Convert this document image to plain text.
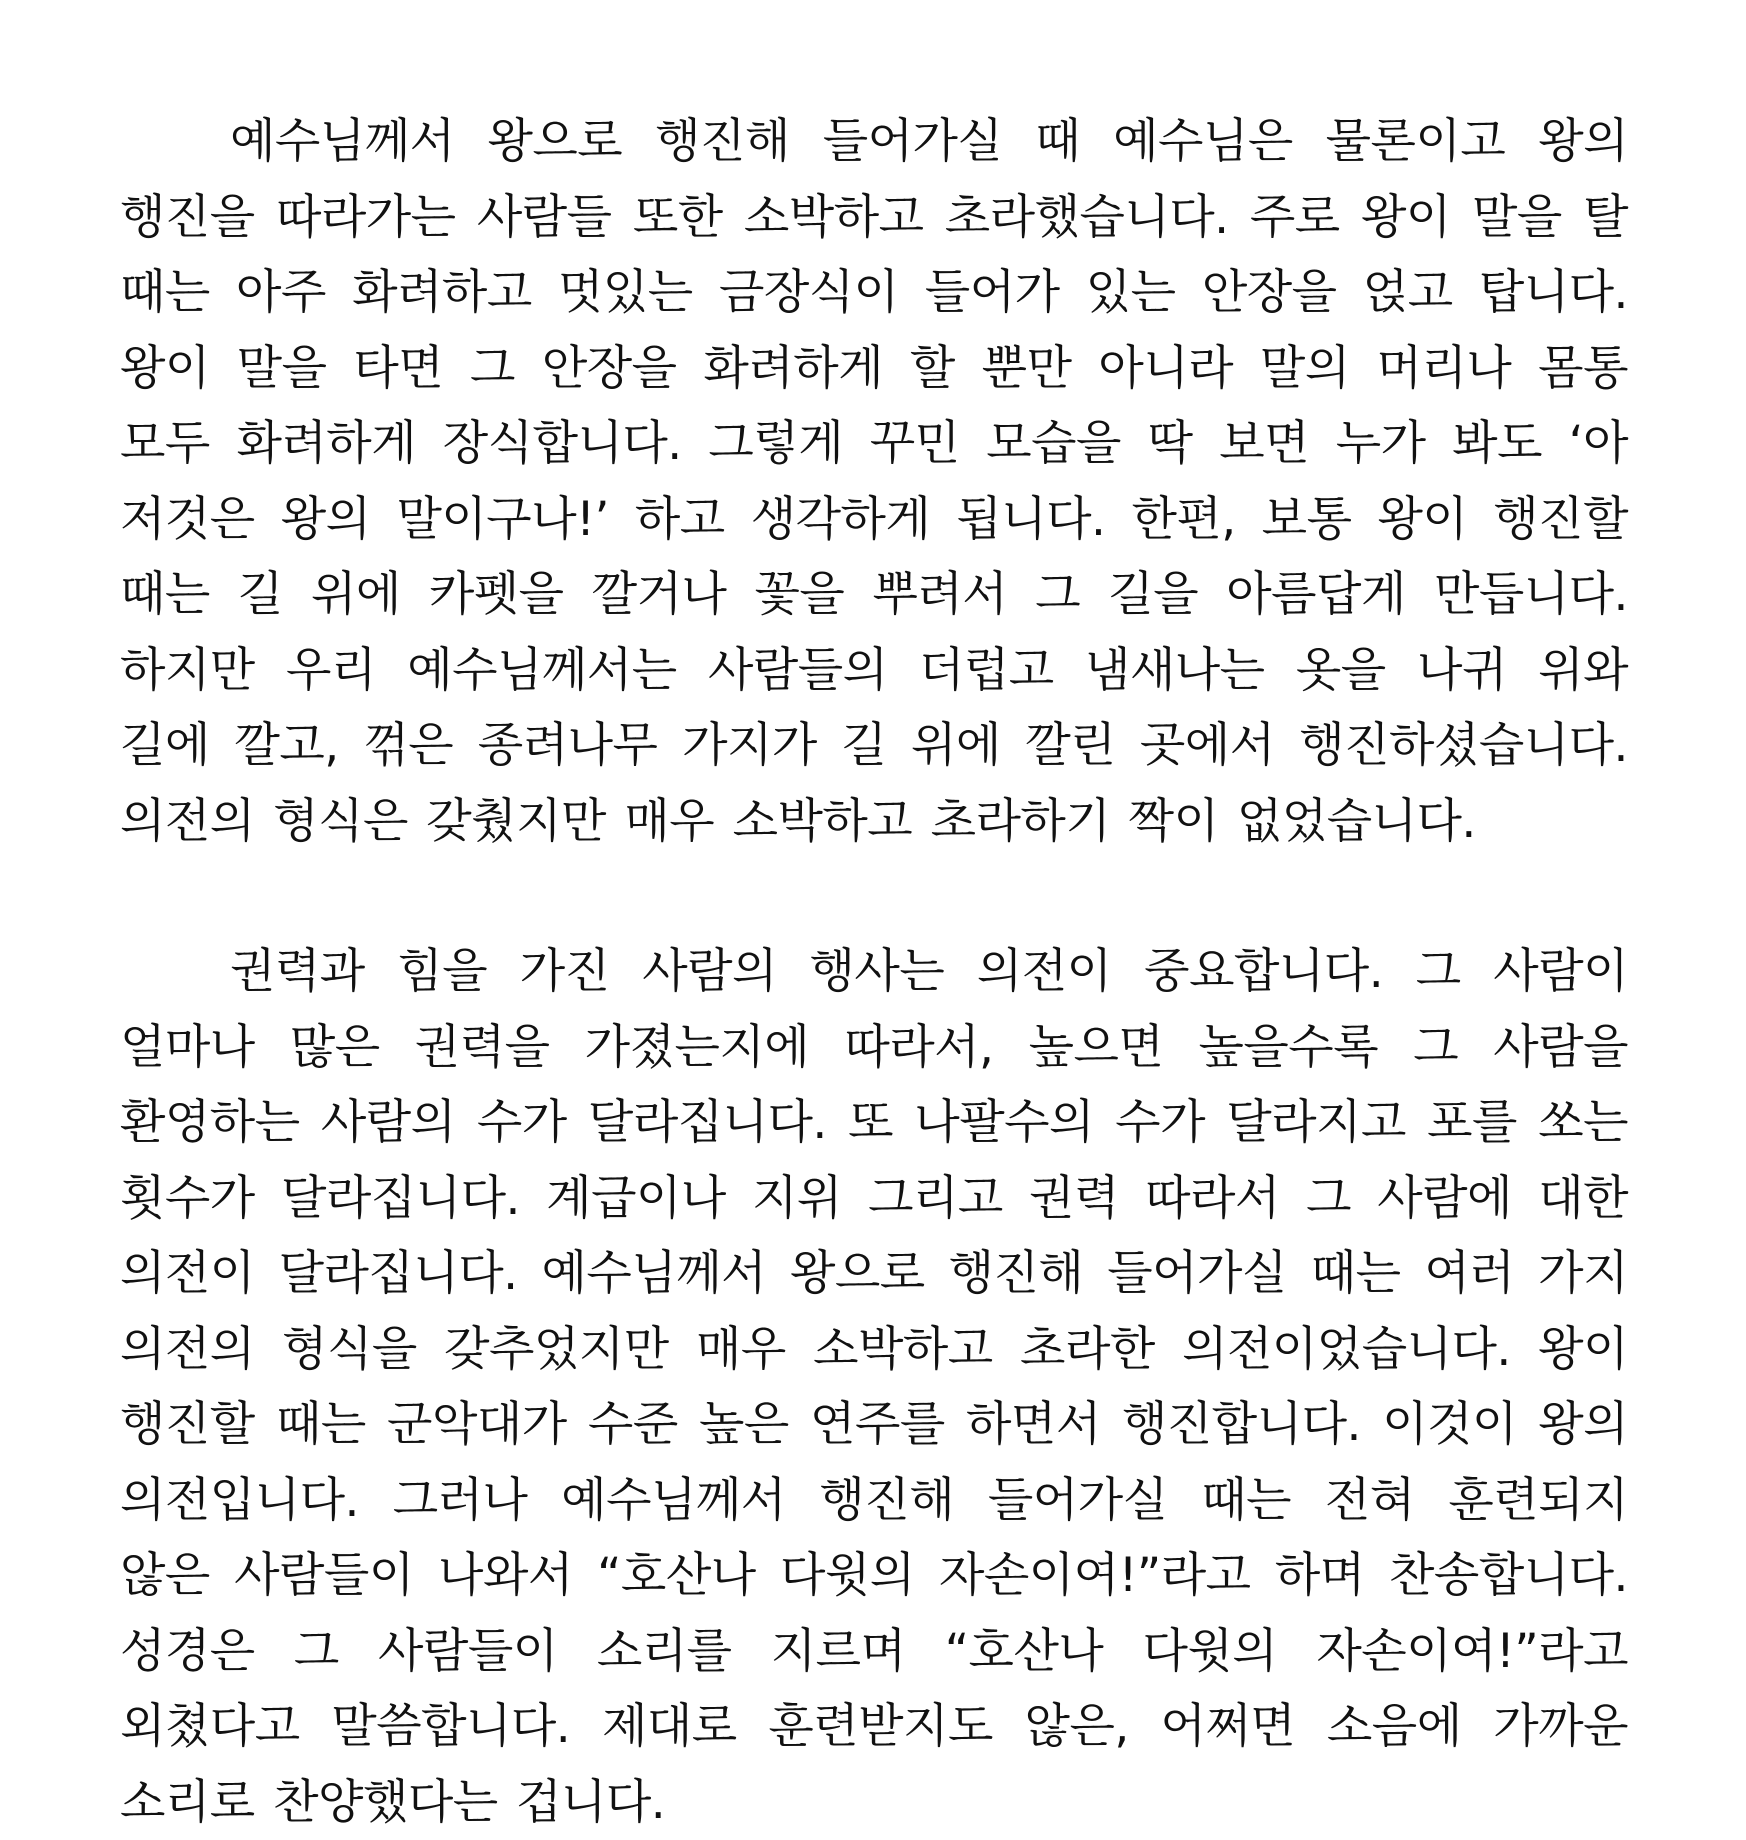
예수님께서 왕으로 행진해 들어가실 때 예수님은 물론이고 왕의 행진을 따라가는 사람들 또한 소박하고 초라했습니다. 주로 왕이 말을 탈 때는 아주 화려하고 멋있는 금장식이 들어가 있는 안장을 얹고 탑니다. 왕이 말을 타면 그 안장을 화려하게 할 뿐만 아니라 말의 머리나 몸통 모두 화려하게 장식합니다. 그렇게 꾸민 모습을 딱 보면 누가 봐도 ‘아 저것은 왕의 말이구나!’ 하고 생각하게 됩니다. 한편, 보통 왕이 행진할 때는 길 위에 카펫을 깔거나 꽃을 뿌려서 그 길을 아름답게 만듭니다. 하지만 우리 예수님께서는 사람들의 더럽고 냄새나는 옷을 나귀 위와 길에 깔고, 꺾은 종려나무 가지가 길 위에 깔린 곳에서 행진하셨습니다. 의전의 형식은 갖췄지만 매우 소박하고 초라하기 짝이 없었습니다.

권력과 힘을 가진 사람의 행사는 의전이 중요합니다. 그 사람이 얼마나 많은 권력을 가졌는지에 따라서, 높으면 높을수록 그 사람을 환영하는 사람의 수가 달라집니다. 또 나팔수의 수가 달라지고 포를 쏘는 횟수가 달라집니다. 계급이나 지위 그리고 권력 따라서 그 사람에 대한 의전이 달라집니다. 예수님께서 왕으로 행진해 들어가실 때는 여러 가지 의전의 형식을 갖추었지만 매우 소박하고 초라한 의전이었습니다. 왕이 행진할 때는 군악대가 수준 높은 연주를 하면서 행진합니다. 이것이 왕의 의전입니다. 그러나 예수님께서 행진해 들어가실 때는 전혀 훈련되지 않은 사람들이 나와서 “호산나 다윗의 자손이여!”라고 하며 찬송합니다. 성경은 그 사람들이 소리를 지르며 “호산나 다윗의 자손이여!”라고 외쳤다고 말씀합니다. 제대로 훈련받지도 않은, 어쩌면 소음에 가까운 소리로 찬양했다는 겁니다.
